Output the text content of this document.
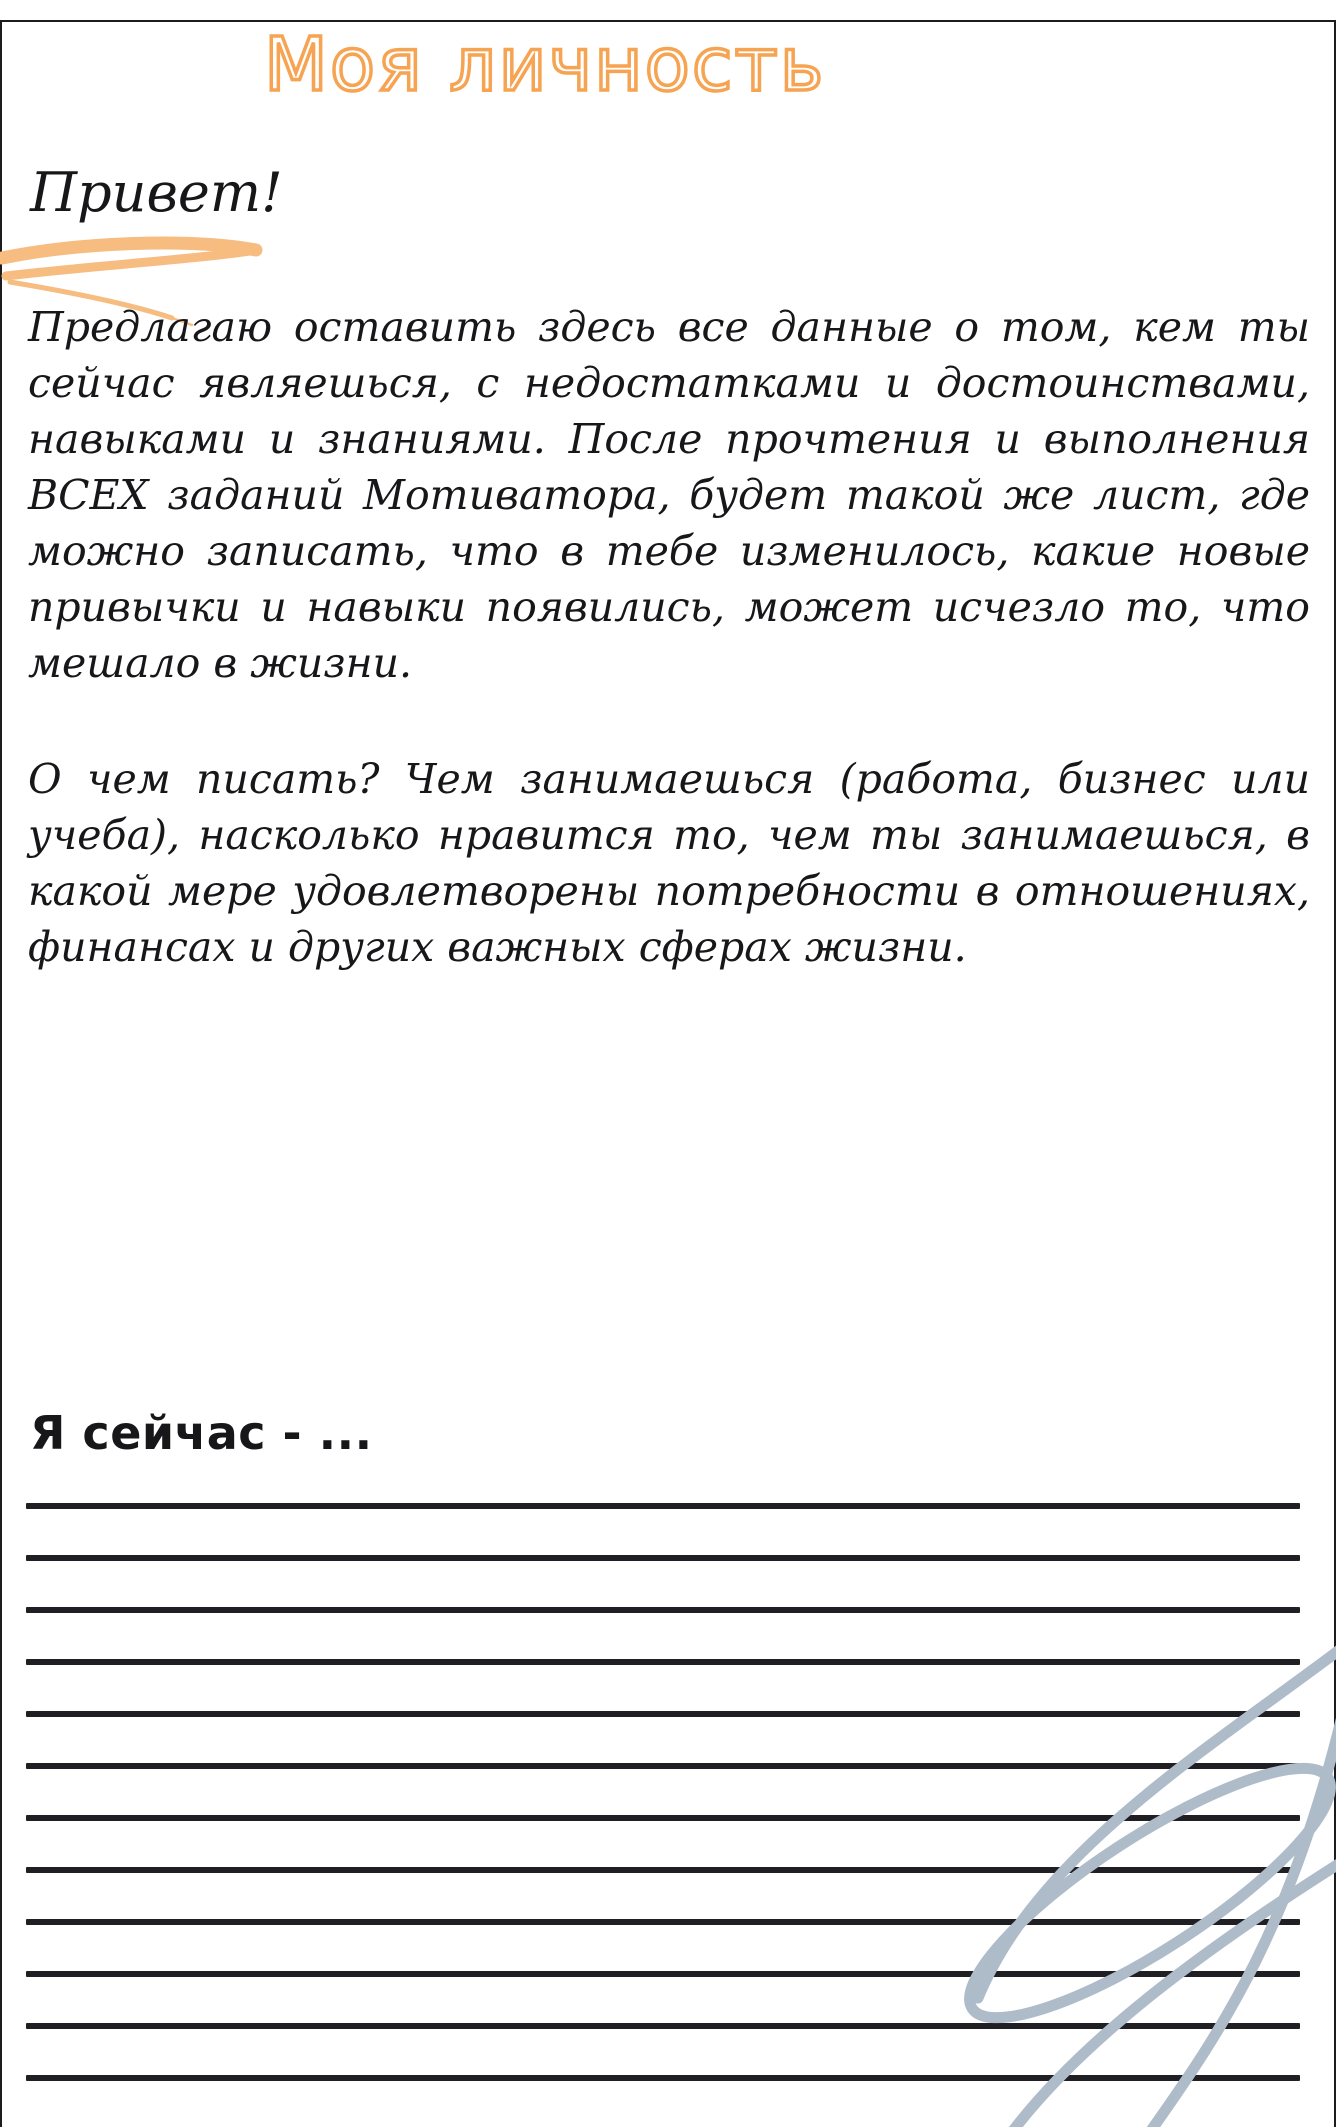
Моя личность
Привет!
Предлагаю оставить здесь все данные о том, кем ты
сейчас являешься, с недостатками и достоинствами,
навыками и знаниями. После прочтения и выполнения
ВСЕХ заданий Мотиватора, будет такой же лист, где
можно записать, что в тебе изменилось, какие новые
привычки и навыки появились, может исчезло то, что
мешало в жизни.
О чем писать? Чем занимаешься (работа, бизнес или
учеба), насколько нравится то, чем ты занимаешься, в
какой мере удовлетворены потребности в отношениях,
финансах и других важных сферах жизни.
Я сейчас - ...
